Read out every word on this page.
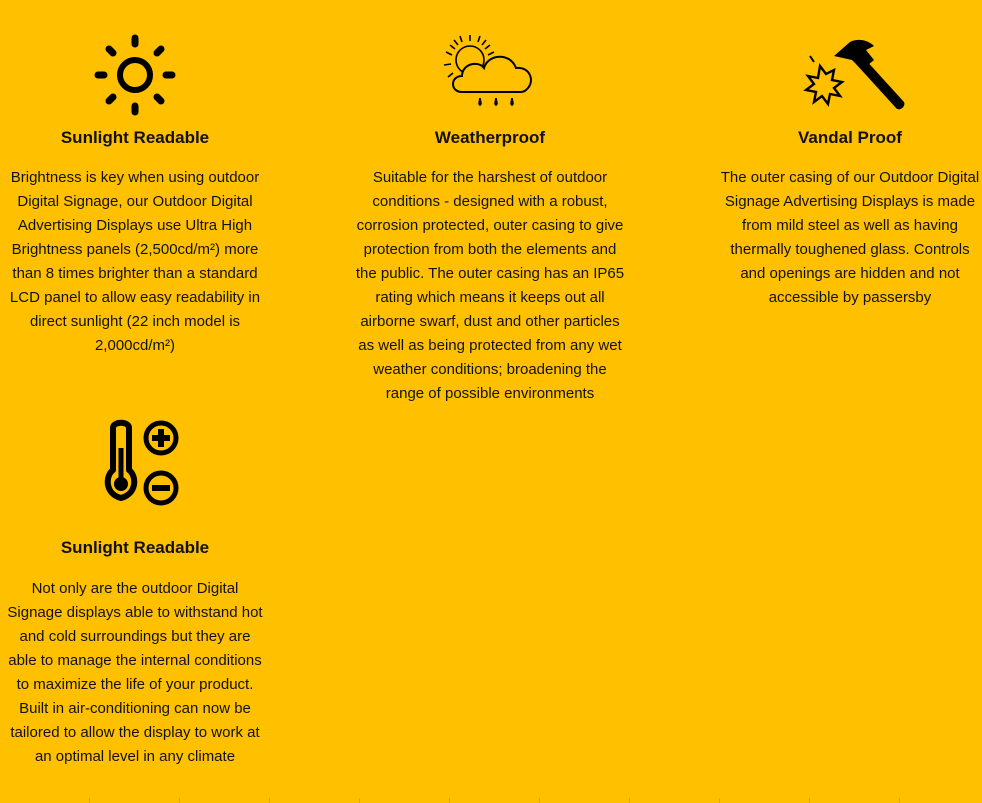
Sunlight Readable

Brightness is key when using outdoor Digital Signage, our Outdoor Digital Advertising Displays use Ultra High Brightness panels (2,500cd/m²) more than 8 times brighter than a standard LCD panel to allow easy readability in direct sunlight (22 inch model is 2,000cd/m²)

Weatherproof

Suitable for the harshest of outdoor conditions - designed with a robust, corrosion protected, outer casing to give protection from both the elements and the public. The outer casing has an IP65 rating which means it keeps out all airborne swarf, dust and other particles as well as being protected from any wet weather conditions; broadening the range of possible environments

Vandal Proof

The outer casing of our Outdoor Digital Signage Advertising Displays is made from mild steel as well as having thermally toughened glass. Controls and openings are hidden and not accessible by passersby

Sunlight Readable

Not only are the outdoor Digital Signage displays able to withstand hot and cold surroundings but they are able to manage the internal conditions to maximize the life of your product. Built in air-conditioning can now be tailored to allow the display to work at an optimal level in any climate
